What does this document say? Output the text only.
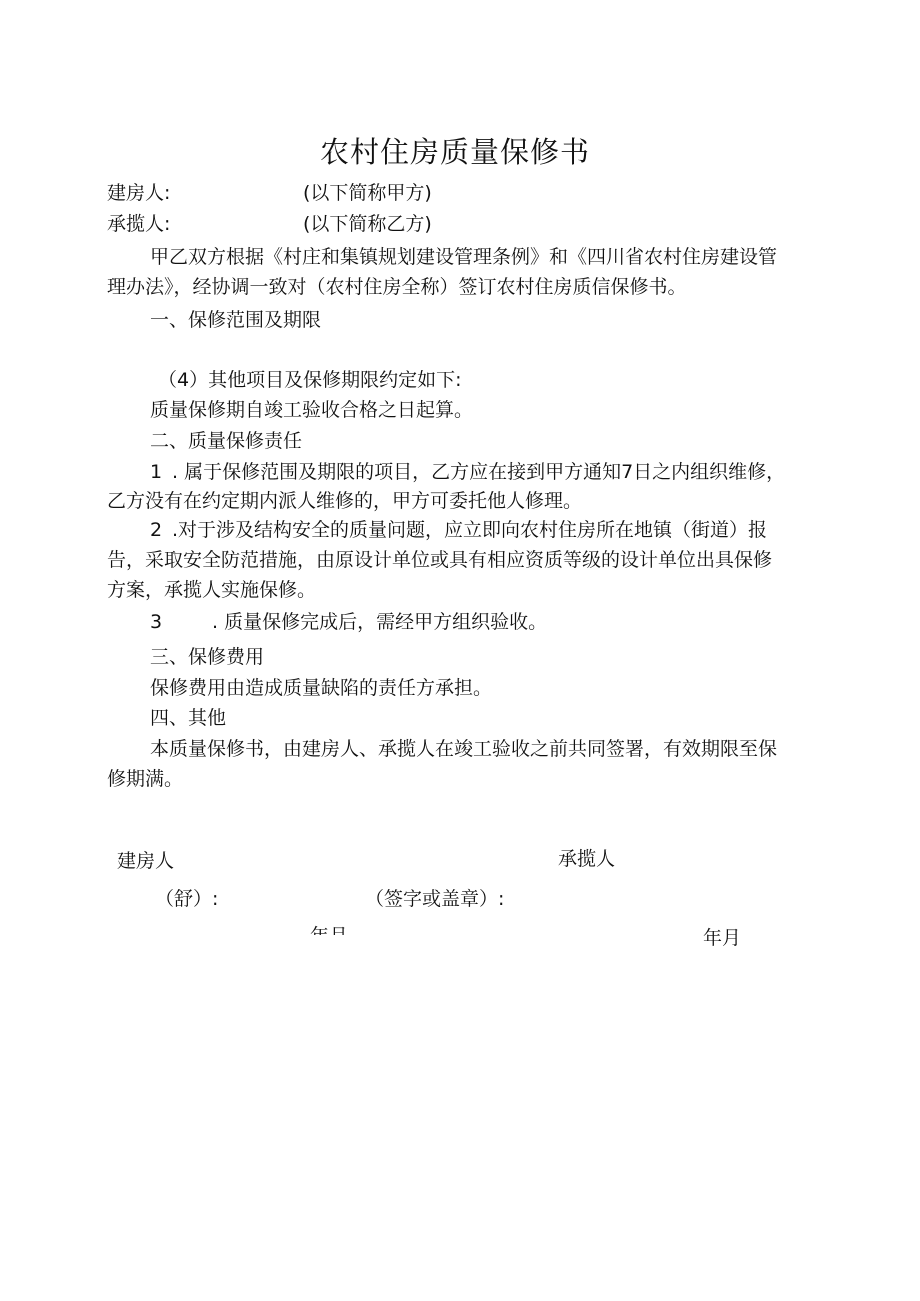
农村住房质量保修书
建房人:	(以下简称甲方)
承揽人:	(以下简称乙方)
甲乙双方根据《村庄和集镇规划建设管理条例》和《四川省农村住房建设管
理办法》，经协调一致对（农村住房全称）签订农村住房质信保修书。
一、保修范围及期限
（4）其他项目及保修期限约定如下:
质量保修期自竣工验收合格之日起算。
二、质量保修责任
1 . 属于保修范围及期限的项目，乙方应在接到甲方通知7日之内组织维修，
乙方没有在约定期内派人维修的，甲方可委托他人修理。
2 .对于涉及结构安全的质量问题，应立即向农村住房所在地镇（街道）报
告，采取安全防范措施，由原设计单位或具有相应资质等级的设计单位出具保修
方案，承揽人实施保修。
3	. 质量保修完成后，需经甲方组织验收。
三、保修费用
保修费用由造成质量缺陷的责任方承担。
四、其他
本质量保修书，由建房人、承揽人在竣工验收之前共同签署，有效期限至保
修期满。
建房人	承揽人
（舒）:	（签字或盖章）:
年月
